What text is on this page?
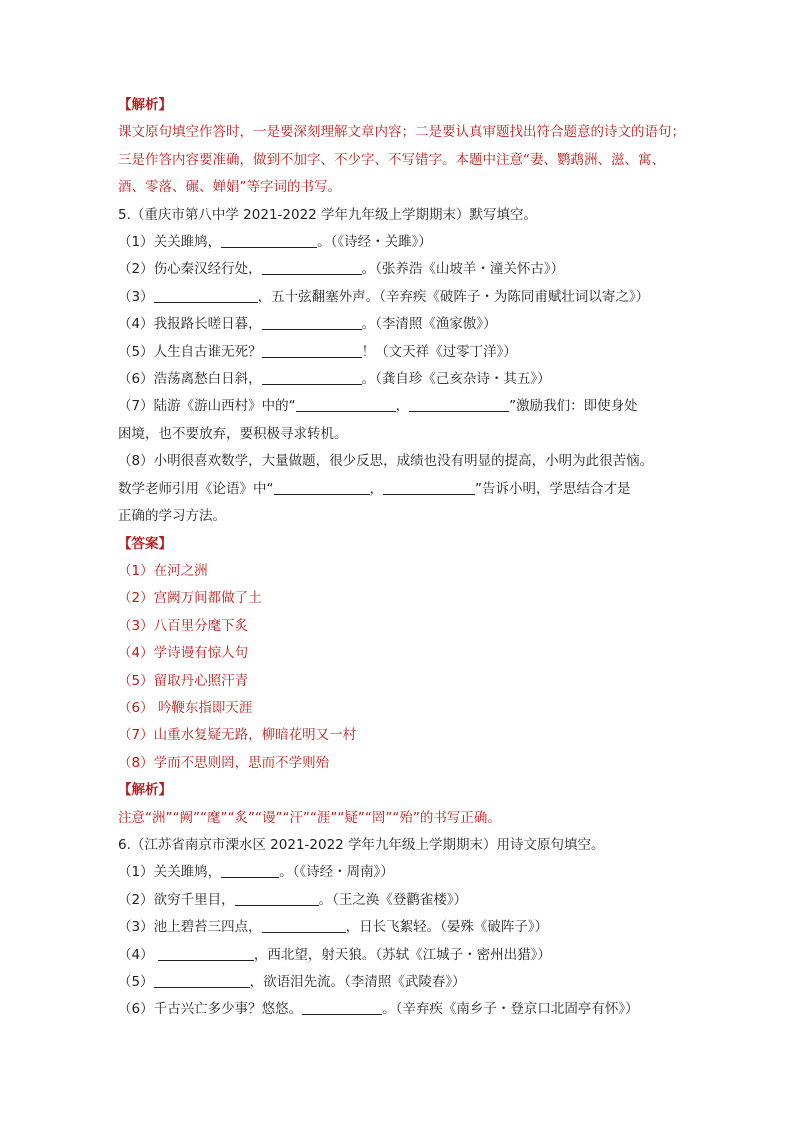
【解析】
课文原句填空作答时，一是要深刻理解文章内容；二是要认真审题找出符合题意的诗文的语句；三是作答内容要准确，做到不加字、不少字、不写错字。本题中注意“妻、鹦鹉洲、滋、寓、酒、零落、碾、婵娟”等字词的书写。
5.（重庆市第八中学 2021-2022 学年九年级上学期期末）默写填空。
（1）关关雎鸠，	。（《诗经・关雎》）
（2）伤心秦汉经行处，	。（张养浩《山坡羊・潼关怀古》）
（3）	，五十弦翻塞外声。（辛弃疾《破阵子・为陈同甫赋壮词以寄之》）
（4）我报路长嗟日暮，	。（李清照《渔家傲》）
（5）人生自古谁无死？	！（文天祥《过零丁洋》）
（6）浩荡离愁白日斜，	。（龚自珍《己亥杂诗・其五》）
（7）陆游《游山西村》中的“	，	”激励我们：即使身处
困境，也不要放弃，要积极寻求转机。
（8）小明很喜欢数学，大量做题，很少反思，成绩也没有明显的提高，小明为此很苦恼。
数学老师引用《论语》中“	，	”告诉小明，学思结合才是
正确的学习方法。
【答案】
（1）在河之洲
（2）宫阙万间都做了土
（3）八百里分麾下炙
（4）学诗谩有惊人句
（5）留取丹心照汗青
（6） 吟鞭东指即天涯
（7）山重水复疑无路，柳暗花明又一村
（8）学而不思则罔，思而不学则殆
【解析】
注意“洲”“阙”“麾”“炙”“谩”“汗”“涯”“疑”“罔”“殆”的书写正确。
6.（江苏省南京市溧水区 2021-2022 学年九年级上学期期末）用诗文原句填空。
（1）关关雎鸠，	。（《诗经・周南》）
（2）欲穷千里目，	。（王之涣《登鹳雀楼》）
（3）池上碧苔三四点，	，日长飞絮轻。（晏殊《破阵子》）
（4）	，西北望，射天狼。（苏轼《江城子・密州出猎》）
（5）	，欲语泪先流。（李清照《武陵春》）
（6）千古兴亡多少事？悠悠。	。（辛弃疾《南乡子・登京口北固亭有怀》）
